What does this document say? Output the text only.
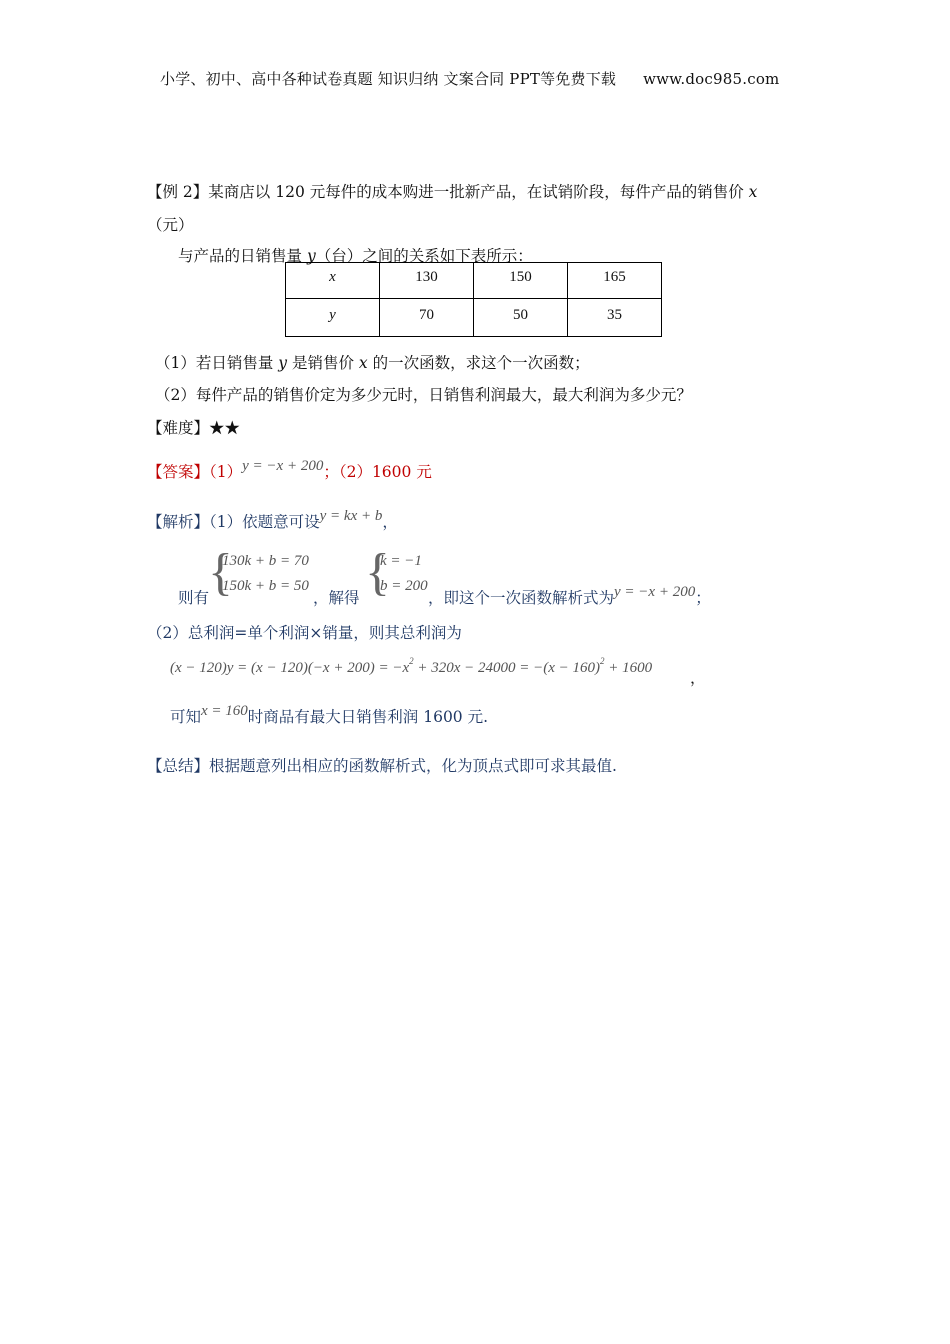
小学、初中、高中各种试卷真题 知识归纳 文案合同 PPT等免费下载 www.doc985.com
【例 2】某商店以 120 元每件的成本购进一批新产品，在试销阶段，每件产品的销售价 x
（元）
与产品的日销售量 y（台）之间的关系如下表所示：
x	130	150	165
y	70	50	35
（1）若日销售量 y 是销售价 x 的一次函数，求这个一次函数；
（2）每件产品的销售价定为多少元时，日销售利润最大，最大利润为多少元？
【难度】★★
【答案】（1）y = −x + 200；（2）1600 元
【解析】（1）依题意可设y = kx + b，
{
130k + b = 70
150k + b = 50 {
k = −1
b = 200
则有	，解得	，即这个一次函数解析式为y = −x + 200；
（2）总利润=单个利润×销量，则其总利润为
$(x - 120)y = (x - 120)(-x + 200) = -x^2 + 320x - 24000 = -(x - 160)^2 + 1600$
，
可知x = 160时商品有最大日销售利润 1600 元.
【总结】根据题意列出相应的函数解析式，化为顶点式即可求其最值.
